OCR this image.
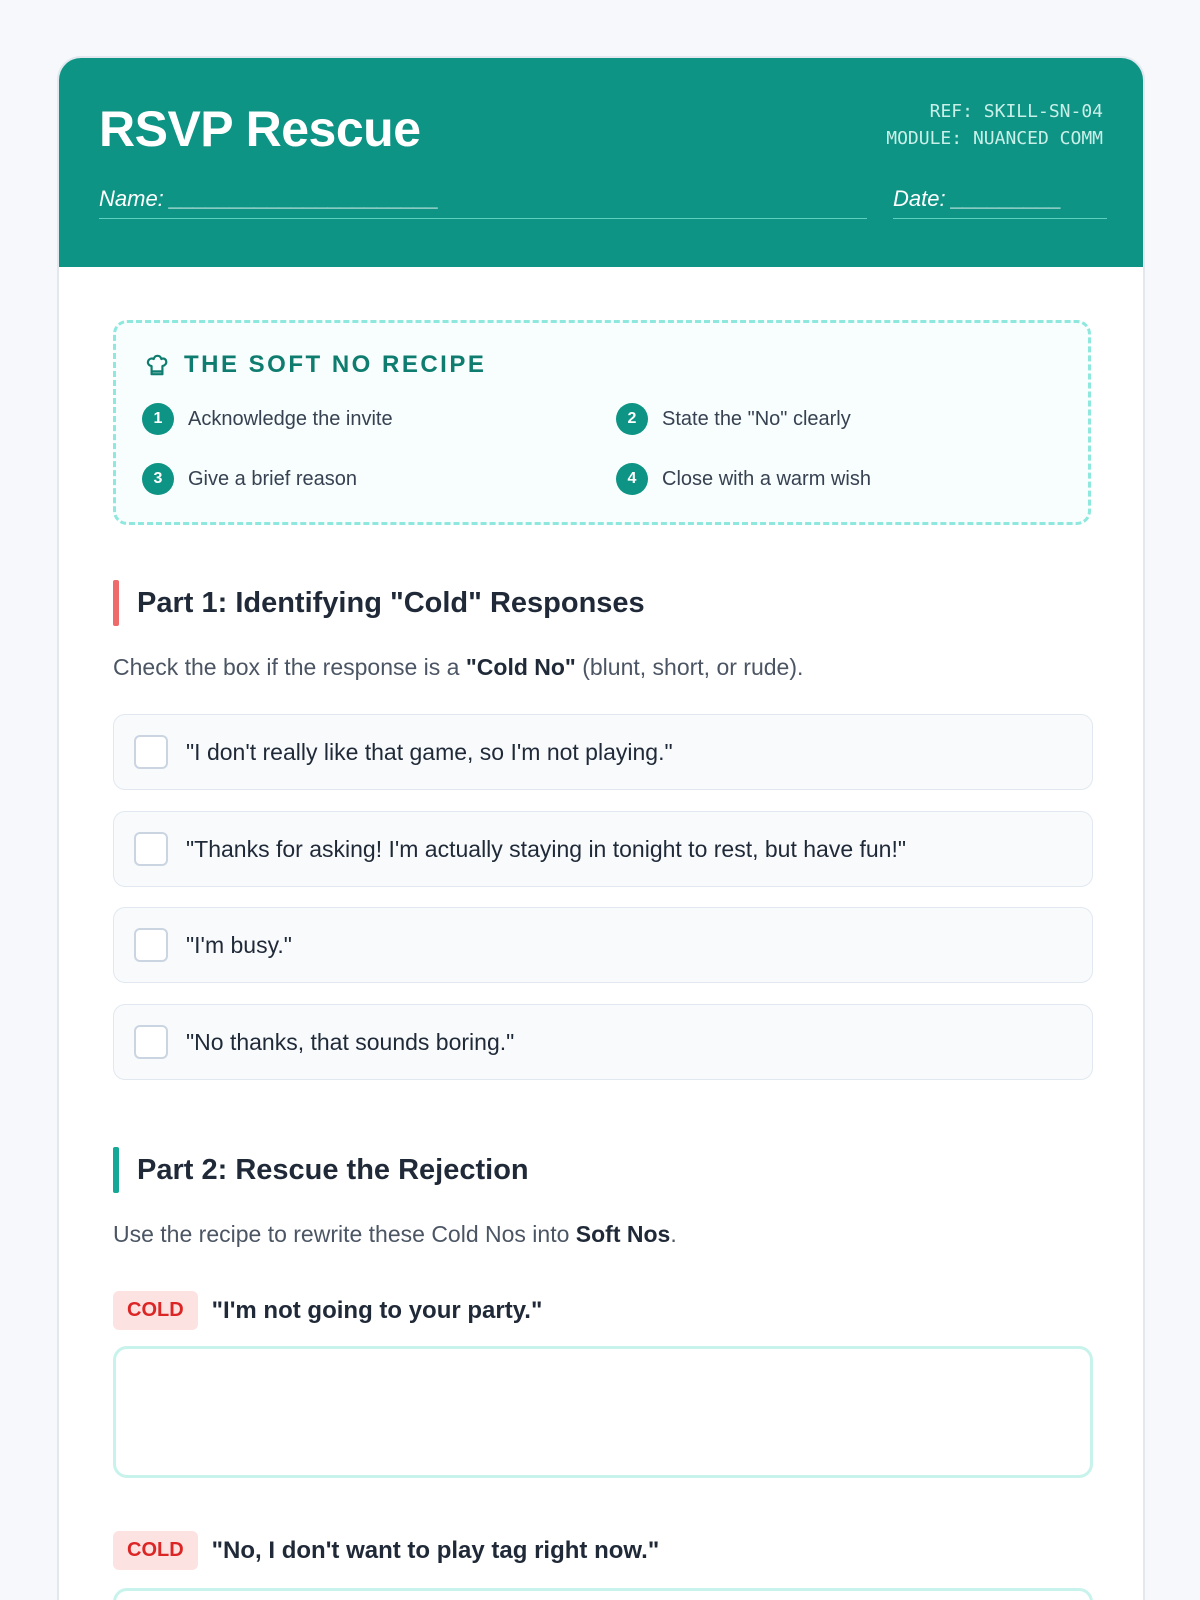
RSVP Rescue	REF: SKILL-SN-04
MODULE: NUANCED COMM
Name: ______________________	Date: _________
THE SOFT NO RECIPE
1	Acknowledge the invite	2	State the "No" clearly
3	Give a brief reason	4	Close with a warm wish
Part 1: Identifying "Cold" Responses
Check the box if the response is a "Cold No" (blunt, short, or rude).
"I don't really like that game, so I'm not playing."
"Thanks for asking! I'm actually staying in tonight to rest, but have fun!"
"I'm busy."
"No thanks, that sounds boring."
Part 2: Rescue the Rejection
Use the recipe to rewrite these Cold Nos into Soft Nos.
COLD	"I'm not going to your party."
COLD	"No, I don't want to play tag right now."
